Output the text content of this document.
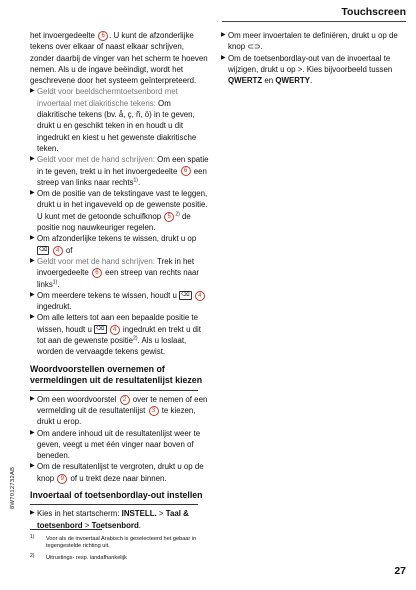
Touchscreen

het invoergedeelte 6 . U kunt de afzonderlijke tekens over elkaar of naast elkaar schrijven, zonder daarbij de vinger van het scherm te hoeven nemen. Als u de ingave beëindigt, wordt het geschrevene door het systeem geïnterpreteerd.

▶ Geldt voor beeldschermtoetsenbord met invoertaal met diakritische tekens: Om diakritische tekens (bv. å, ç, ñ, ö) in te geven, drukt u en geschikt teken in en houdt u dit ingedrukt en kiest u het gewenste diakritische teken.

▶ Geldt voor met de hand schrijven: Om een spatie in te geven, trekt u in het invoergedeelte 6 een streep van links naar rechts$^{1)}$.

▶ Om de positie van de tekstingave vast te leggen, drukt u in het ingaveveld op de gewenste positie. U kunt met de getoonde schuifknop 5 $^{2)}$ de positie nog nauwkeuriger regelen.

▶ Om afzonderlijke tekens te wissen, drukt u op ⌫ 4 of

▶ Geldt voor met de hand schrijven: Trek in het invoergedeelte 6 een streep van rechts naar links$^{1)}$.

▶ Om meerdere tekens te wissen, houdt u ⌫ 4 ingedrukt.

▶ Om alle letters tot aan een bepaalde positie te wissen, houdt u ⌫ 4 ingedrukt en trekt u dit tot aan de gewenste positie$^{2)}$. Als u loslaat, worden de vervaagde tekens gewist.

Woordvoorstellen overnemen of vermeldingen uit de resultatenlijst kiezen

▶ Om een woordvoorstel 2 over te nemen of een vermelding uit de resultatenlijst 3 te kiezen, drukt u erop.

▶ Om andere inhoud uit de resultatenlijst weer te geven, veegt u met één vinger naar boven of beneden.

▶ Om de resultatenlijst te vergroten, drukt u op de knop 9 of u trekt deze naar binnen.

Invoertaal of toetsenbordlay-out instellen

▶ Kies in het startscherm: INSTELL. > Taal & toetsenbord > Toetsenbord.

▶ Om meer invoertalen te definiëren, drukt u op de knop ⊂⊃.

▶ Om de toetsenbordlay-out van de invoertaal te wijzigen, drukt u op >. Kies bijvoorbeeld tussen QWERTZ en QWERTY.

1)	Voor als de invoertaal Arabisch is geselecteerd het gebaar in tegengestelde richting uit.
2)	Uitrustings- resp. landafhankelijk
8W7012732AB
27
